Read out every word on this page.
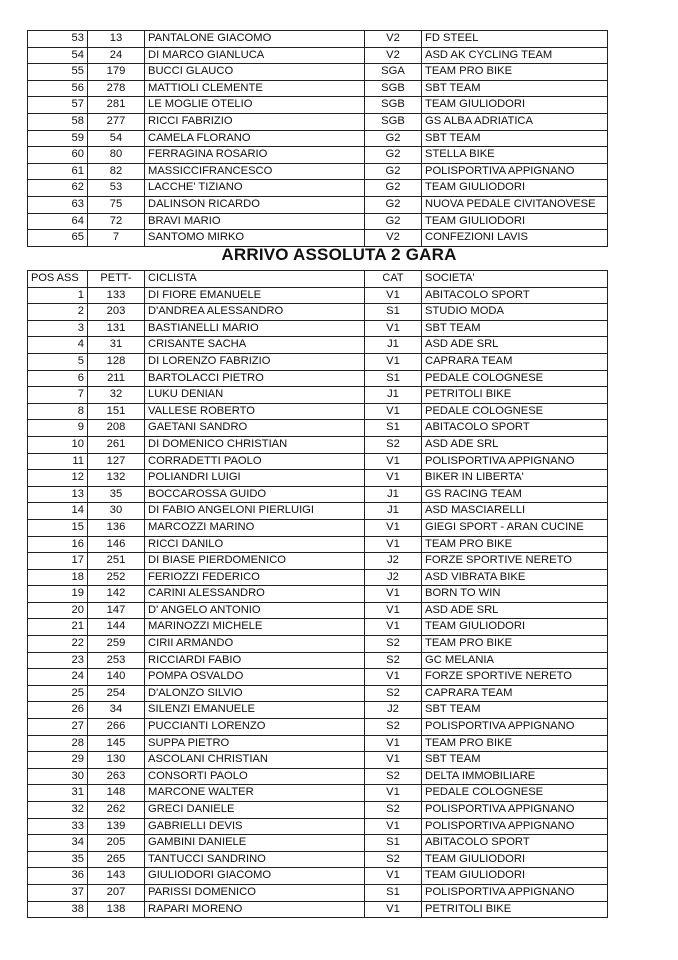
53	13	PANTALONE GIACOMO	V2	FD STEEL
54	24	DI MARCO GIANLUCA	V2	ASD AK CYCLING TEAM
55	179	BUCCI GLAUCO	SGA	TEAM PRO BIKE
56	278	MATTIOLI CLEMENTE	SGB	SBT TEAM
57	281	LE MOGLIE OTELIO	SGB	TEAM GIULIODORI
58	277	RICCI FABRIZIO	SGB	GS ALBA ADRIATICA
59	54	CAMELA FLORANO	G2	SBT TEAM
60	80	FERRAGINA ROSARIO	G2	STELLA BIKE
61	82	MASSICCIFRANCESCO	G2	POLISPORTIVA APPIGNANO
62	53	LACCHE' TIZIANO	G2	TEAM GIULIODORI
63	75	DALINSON RICARDO	G2	NUOVA PEDALE CIVITANOVESE
64	72	BRAVI MARIO	G2	TEAM GIULIODORI
65	7	SANTOMO MIRKO	V2	CONFEZIONI LAVIS
ARRIVO ASSOLUTA 2 GARA
POS ASS	PETT-	CICLISTA	CAT	SOCIETA'
1	133	DI FIORE EMANUELE	V1	ABITACOLO SPORT
2	203	D'ANDREA ALESSANDRO	S1	STUDIO MODA
3	131	BASTIANELLI MARIO	V1	SBT TEAM
4	31	CRISANTE SACHA	J1	ASD ADE SRL
5	128	DI LORENZO FABRIZIO	V1	CAPRARA TEAM
6	211	BARTOLACCI PIETRO	S1	PEDALE COLOGNESE
7	32	LUKU DENIAN	J1	PETRITOLI BIKE
8	151	VALLESE ROBERTO	V1	PEDALE COLOGNESE
9	208	GAETANI SANDRO	S1	ABITACOLO SPORT
10	261	DI DOMENICO CHRISTIAN	S2	ASD ADE SRL
11	127	CORRADETTI PAOLO	V1	POLISPORTIVA APPIGNANO
12	132	POLIANDRI LUIGI	V1	BIKER IN LIBERTA'
13	35	BOCCAROSSA GUIDO	J1	GS RACING TEAM
14	30	DI FABIO ANGELONI PIERLUIGI	J1	ASD MASCIARELLI
15	136	MARCOZZI MARINO	V1	GIEGI SPORT - ARAN CUCINE
16	146	RICCI DANILO	V1	TEAM PRO BIKE
17	251	DI BIASE PIERDOMENICO	J2	FORZE SPORTIVE NERETO
18	252	FERIOZZI FEDERICO	J2	ASD VIBRATA BIKE
19	142	CARINI ALESSANDRO	V1	BORN TO WIN
20	147	D' ANGELO ANTONIO	V1	ASD ADE SRL
21	144	MARINOZZI MICHELE	V1	TEAM GIULIODORI
22	259	CIRII ARMANDO	S2	TEAM PRO BIKE
23	253	RICCIARDI FABIO	S2	GC MELANIA
24	140	POMPA OSVALDO	V1	FORZE SPORTIVE NERETO
25	254	D'ALONZO SILVIO	S2	CAPRARA TEAM
26	34	SILENZI EMANUELE	J2	SBT TEAM
27	266	PUCCIANTI LORENZO	S2	POLISPORTIVA APPIGNANO
28	145	SUPPA PIETRO	V1	TEAM PRO BIKE
29	130	ASCOLANI CHRISTIAN	V1	SBT TEAM
30	263	CONSORTI PAOLO	S2	DELTA IMMOBILIARE
31	148	MARCONE WALTER	V1	PEDALE COLOGNESE
32	262	GRECI DANIELE	S2	POLISPORTIVA APPIGNANO
33	139	GABRIELLI DEVIS	V1	POLISPORTIVA APPIGNANO
34	205	GAMBINI DANIELE	S1	ABITACOLO SPORT
35	265	TANTUCCI SANDRINO	S2	TEAM GIULIODORI
36	143	GIULIODORI GIACOMO	V1	TEAM GIULIODORI
37	207	PARISSI DOMENICO	S1	POLISPORTIVA APPIGNANO
38	138	RAPARI MORENO	V1	PETRITOLI BIKE
